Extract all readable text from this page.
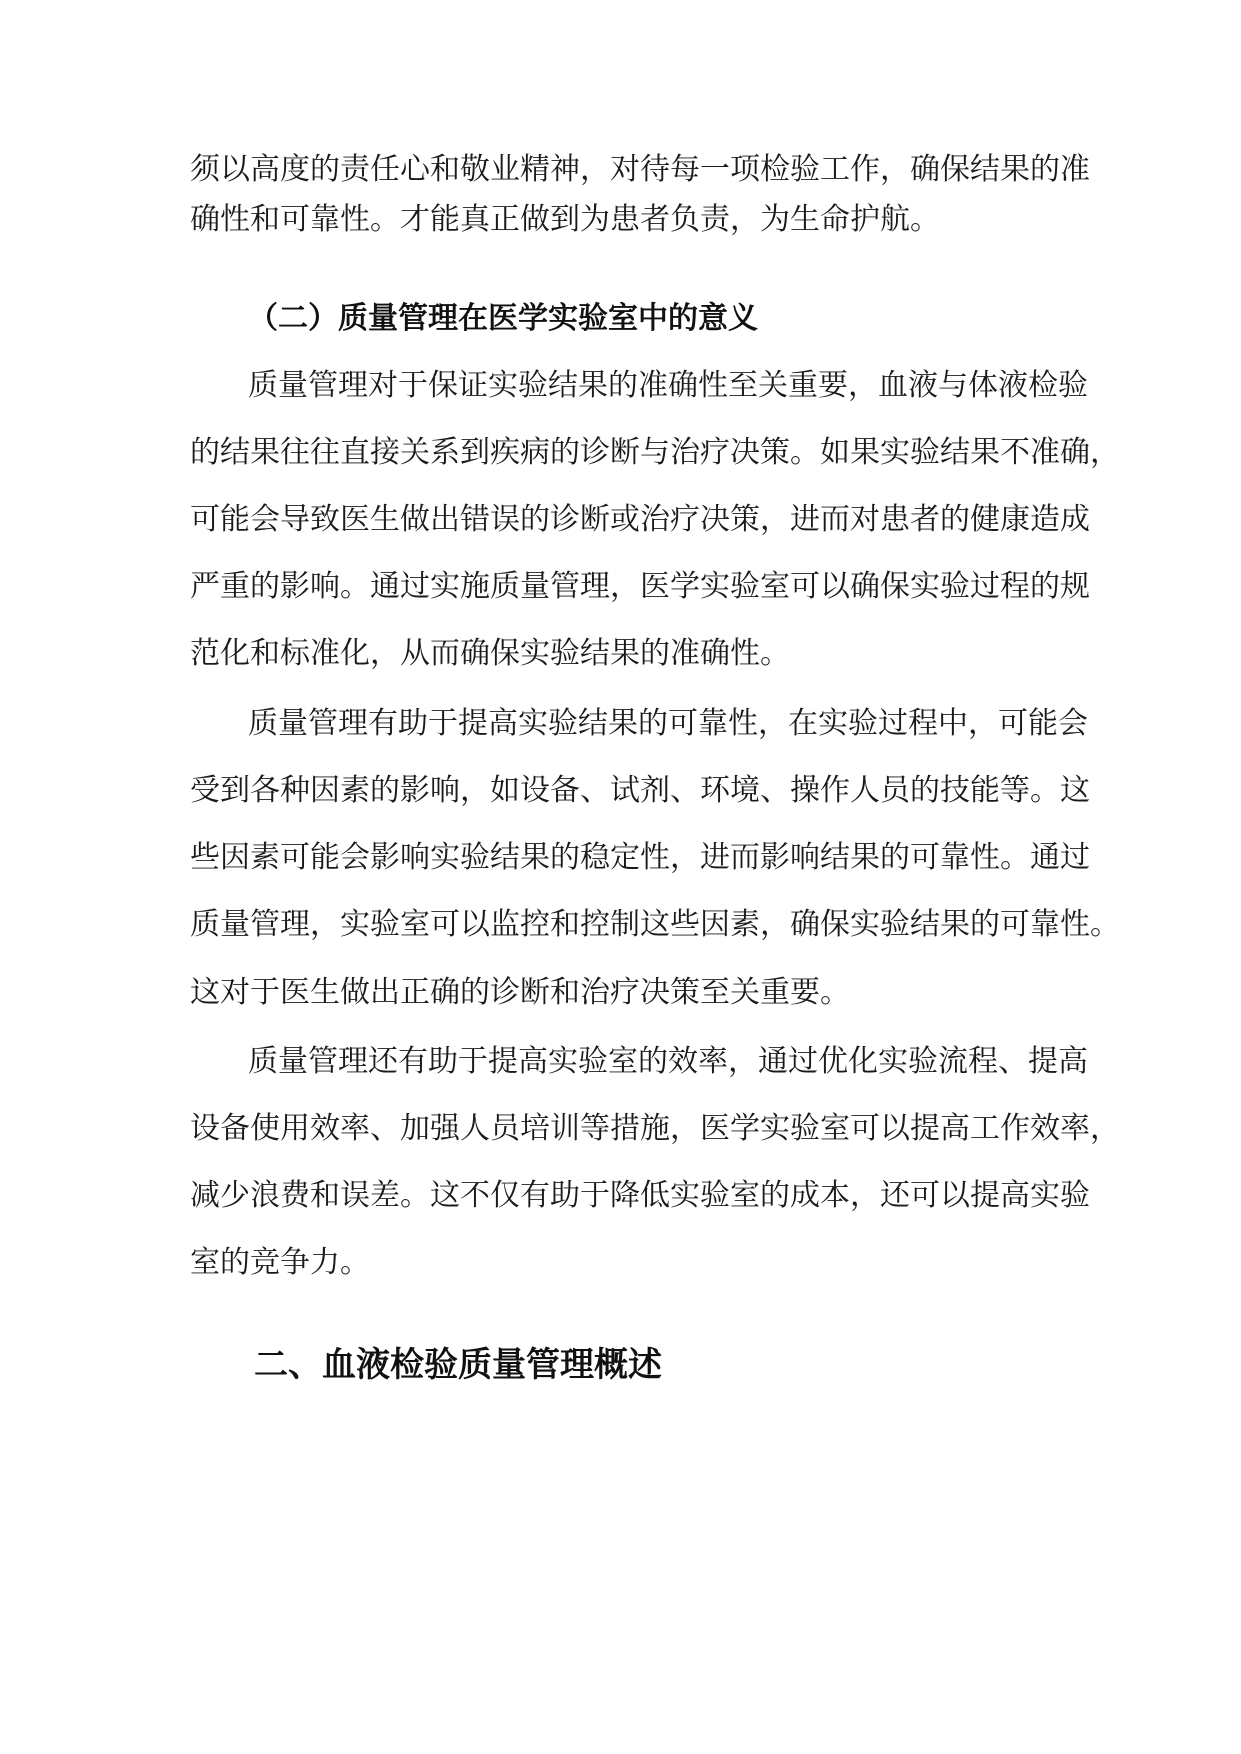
须以高度的责任心和敬业精神，对待每一项检验工作，确保结果的准
确性和可靠性。才能真正做到为患者负责，为生命护航。
（二）质量管理在医学实验室中的意义
质量管理对于保证实验结果的准确性至关重要，血液与体液检验
的结果往往直接关系到疾病的诊断与治疗决策。如果实验结果不准确，
可能会导致医生做出错误的诊断或治疗决策，进而对患者的健康造成
严重的影响。通过实施质量管理，医学实验室可以确保实验过程的规
范化和标准化，从而确保实验结果的准确性。
质量管理有助于提高实验结果的可靠性，在实验过程中，可能会
受到各种因素的影响，如设备、试剂、环境、操作人员的技能等。这
些因素可能会影响实验结果的稳定性，进而影响结果的可靠性。通过
质量管理，实验室可以监控和控制这些因素，确保实验结果的可靠性。
这对于医生做出正确的诊断和治疗决策至关重要。
质量管理还有助于提高实验室的效率，通过优化实验流程、提高
设备使用效率、加强人员培训等措施，医学实验室可以提高工作效率，
减少浪费和误差。这不仅有助于降低实验室的成本，还可以提高实验
室的竞争力。
二、血液检验质量管理概述
